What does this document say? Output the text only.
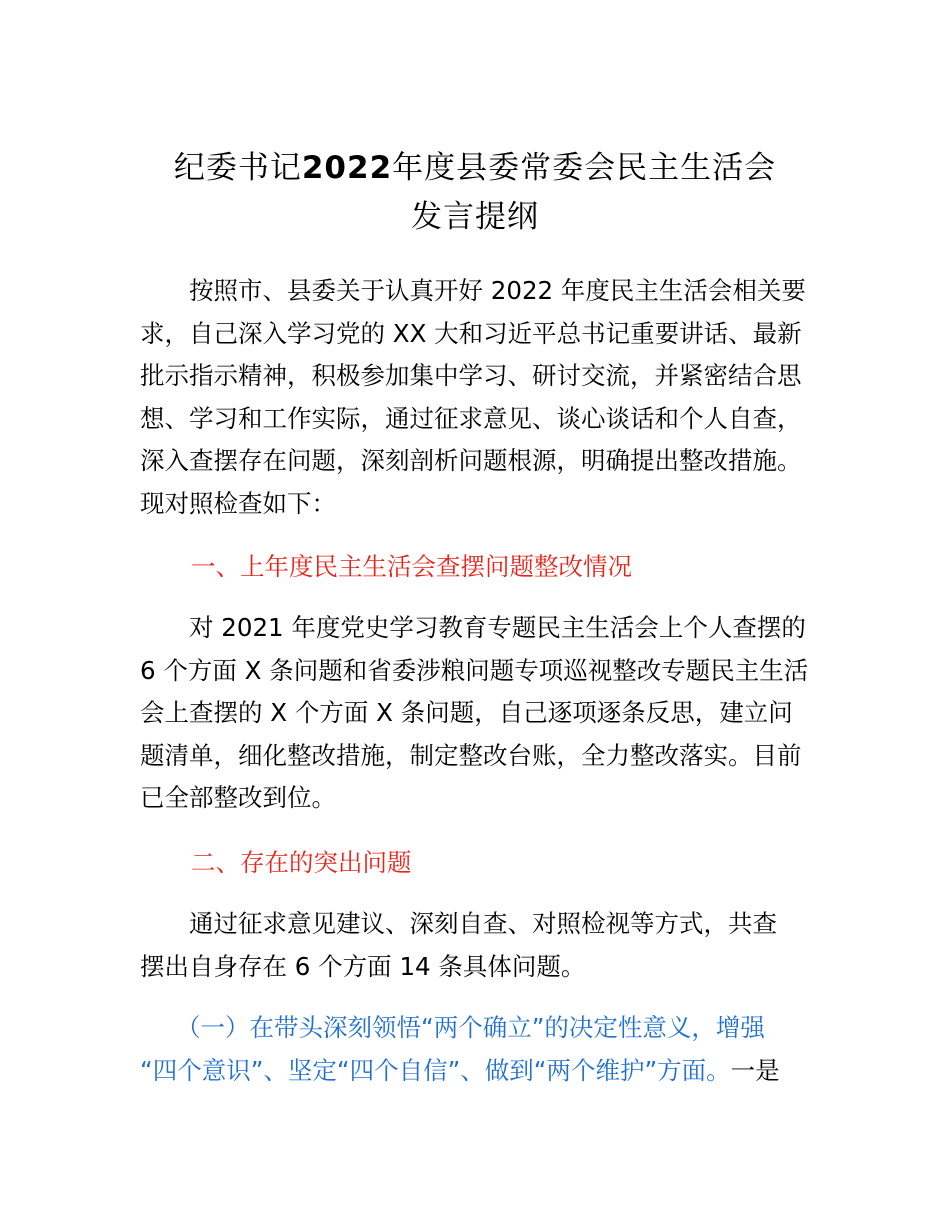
纪委书记2022年度县委常委会民主生活会
发言提纲
　　按照市、县委关于认真开好 2022 年度民主生活会相关要
求，自己深入学习党的 XX 大和习近平总书记重要讲话、最新
批示指示精神，积极参加集中学习、研讨交流，并紧密结合思
想、学习和工作实际，通过征求意见、谈心谈话和个人自查，
深入查摆存在问题，深刻剖析问题根源，明确提出整改措施。
现对照检查如下：
一、上年度民主生活会查摆问题整改情况
　　对 2021 年度党史学习教育专题民主生活会上个人查摆的
6 个方面 X 条问题和省委涉粮问题专项巡视整改专题民主生活
会上查摆的 X 个方面 X 条问题，自己逐项逐条反思，建立问
题清单，细化整改措施，制定整改台账，全力整改落实。目前
已全部整改到位。
二、存在的突出问题
　　通过征求意见建议、深刻自查、对照检视等方式，共查
摆出自身存在 6 个方面 14 条具体问题。
（一）在带头深刻领悟“两个确立”的决定性意义，增强
“四个意识”、坚定“四个自信”、做到“两个维护”方面。一是
